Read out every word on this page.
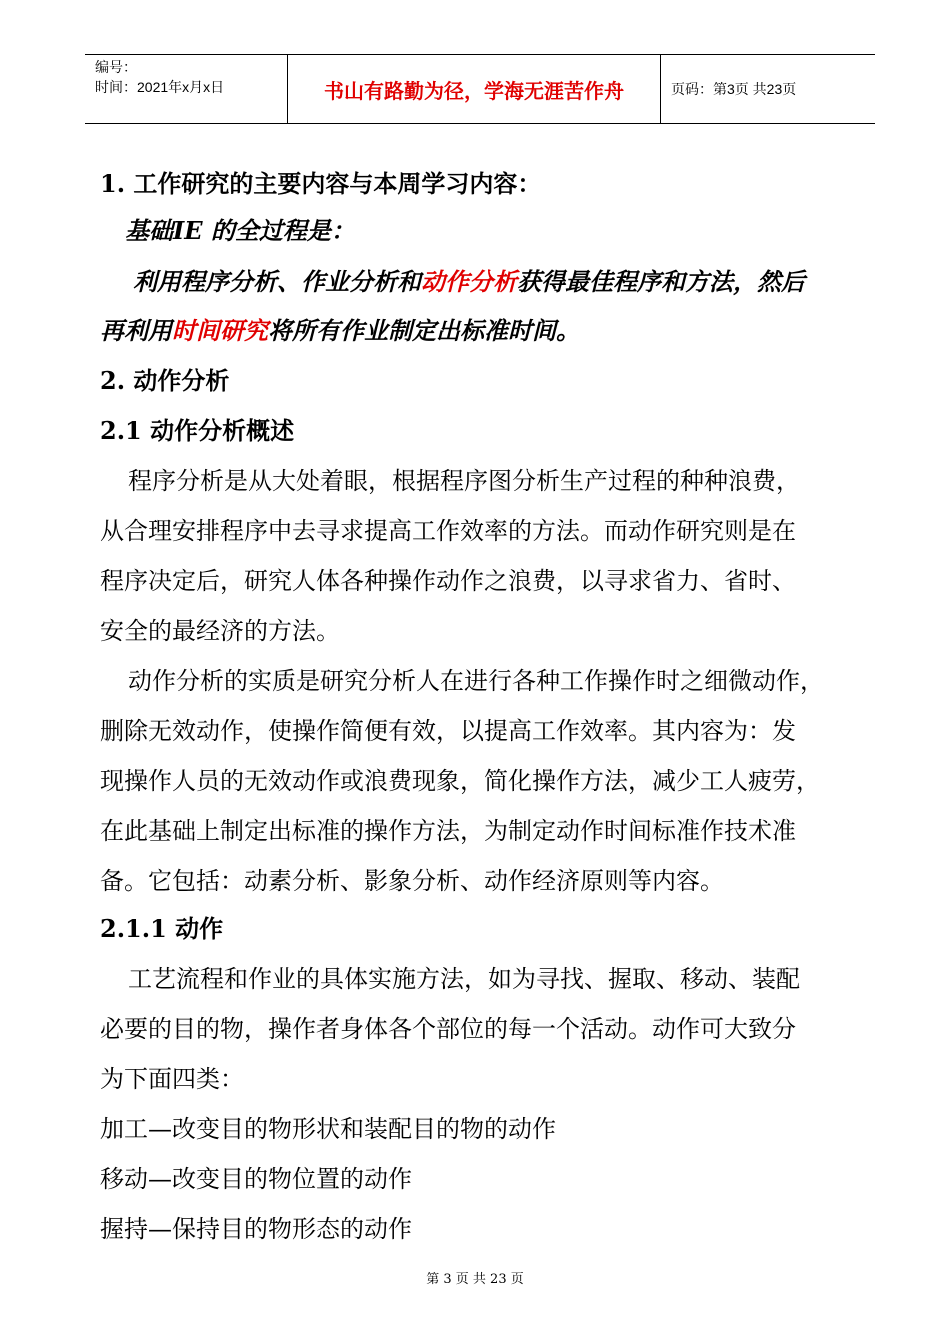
编号：
时间：2021年x月x日	书山有路勤为径，学海无涯苦作舟	页码：第3页 共23页
1. 工作研究的主要内容与本周学习内容：
基础IE 的全过程是：
利用程序分析、作业分析和动作分析获得最佳程序和方法，然后
再利用时间研究将所有作业制定出标准时间。
2. 动作分析
2.1 动作分析概述
程序分析是从大处着眼，根据程序图分析生产过程的种种浪费，
从合理安排程序中去寻求提高工作效率的方法。而动作研究则是在
程序决定后，研究人体各种操作动作之浪费，以寻求省力、省时、
安全的最经济的方法。
动作分析的实质是研究分析人在进行各种工作操作时之细微动作，
删除无效动作，使操作简便有效，以提高工作效率。其内容为：发
现操作人员的无效动作或浪费现象，简化操作方法，减少工人疲劳，
在此基础上制定出标准的操作方法，为制定动作时间标准作技术准
备。它包括：动素分析、影象分析、动作经济原则等内容。
2.1.1 动作
工艺流程和作业的具体实施方法，如为寻找、握取、移动、装配
必要的目的物，操作者身体各个部位的每一个活动。动作可大致分
为下面四类：
加工—改变目的物形状和装配目的物的动作
移动—改变目的物位置的动作
握持—保持目的物形态的动作
第 3 页 共 23 页
